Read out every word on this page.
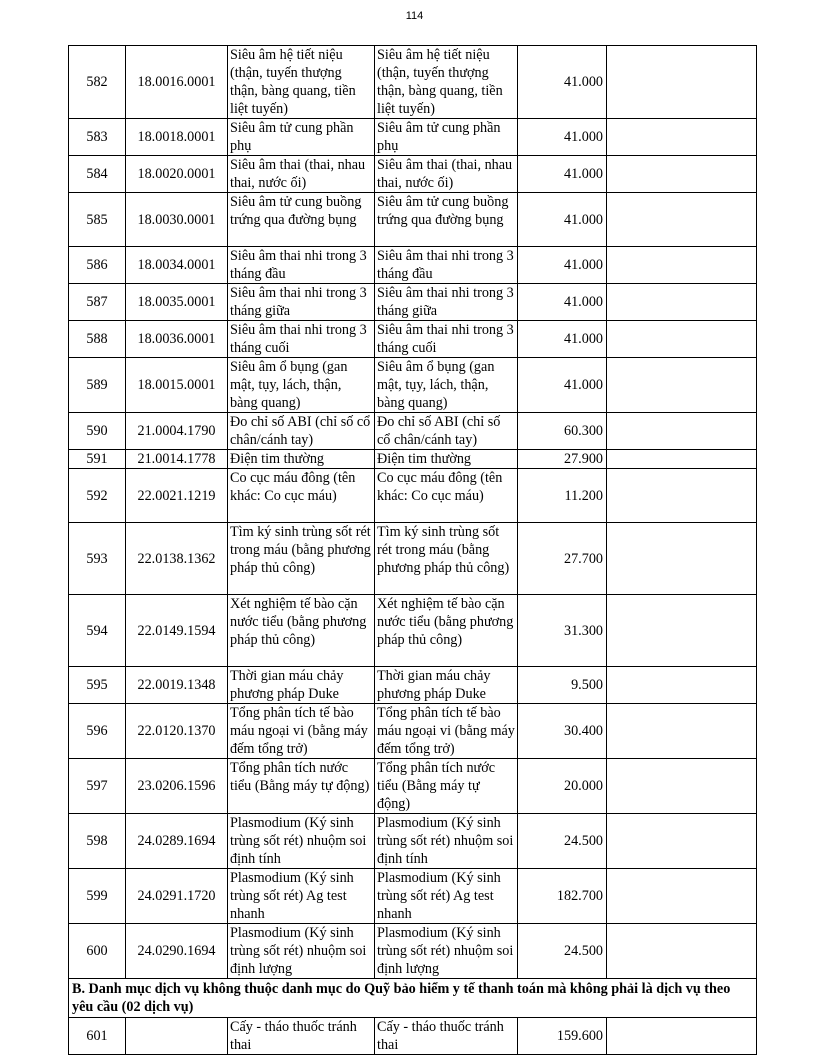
114
582	18.0016.0001	Siêu âm hệ tiết niệu (thận, tuyến thượng thận, bàng quang, tiền liệt tuyến)	Siêu âm hệ tiết niệu (thận, tuyến thượng thận, bàng quang, tiền liệt tuyến)	41.000	
583	18.0018.0001	Siêu âm tử cung phần phụ	Siêu âm tử cung phần phụ	41.000	
584	18.0020.0001	Siêu âm thai (thai, nhau thai, nước ối)	Siêu âm thai (thai, nhau thai, nước ối)	41.000	
585	18.0030.0001	Siêu âm tử cung buồng trứng qua đường bụng	Siêu âm tử cung buồng trứng qua đường bụng	41.000	
586	18.0034.0001	Siêu âm thai nhi trong 3 tháng đầu	Siêu âm thai nhi trong 3 tháng đầu	41.000	
587	18.0035.0001	Siêu âm thai nhi trong 3 tháng giữa	Siêu âm thai nhi trong 3 tháng giữa	41.000	
588	18.0036.0001	Siêu âm thai nhi trong 3 tháng cuối	Siêu âm thai nhi trong 3 tháng cuối	41.000	
589	18.0015.0001	Siêu âm ổ bụng (gan mật, tụy, lách, thận, bàng quang)	Siêu âm ổ bụng (gan mật, tụy, lách, thận, bàng quang)	41.000	
590	21.0004.1790	Đo chỉ số ABI (chỉ số cổ chân/cánh tay)	Đo chỉ số ABI (chỉ số cổ chân/cánh tay)	60.300	
591	21.0014.1778	Điện tim thường	Điện tim thường	27.900	
592	22.0021.1219	Co cục máu đông (tên khác: Co cục máu)	Co cục máu đông (tên khác: Co cục máu)	11.200	
593	22.0138.1362	Tìm ký sinh trùng sốt rét trong máu (bằng phương pháp thủ công)	Tìm ký sinh trùng sốt rét trong máu (bằng phương pháp thủ công)	27.700	
594	22.0149.1594	Xét nghiệm tế bào cặn nước tiểu (bằng phương pháp thủ công)	Xét nghiệm tế bào cặn nước tiểu (bằng phương pháp thủ công)	31.300	
595	22.0019.1348	Thời gian máu chảy phương pháp Duke	Thời gian máu chảy phương pháp Duke	9.500	
596	22.0120.1370	Tổng phân tích tế bào máu ngoại vi (bằng máy đếm tổng trở)	Tổng phân tích tế bào máu ngoại vi (bằng máy đếm tổng trở)	30.400	
597	23.0206.1596	Tổng phân tích nước tiểu (Bằng máy tự động)	Tổng phân tích nước tiểu (Bằng máy tự động)	20.000	
598	24.0289.1694	Plasmodium (Ký sinh trùng sốt rét) nhuộm soi định tính	Plasmodium (Ký sinh trùng sốt rét) nhuộm soi định tính	24.500	
599	24.0291.1720	Plasmodium (Ký sinh trùng sốt rét) Ag test nhanh	Plasmodium (Ký sinh trùng sốt rét) Ag test nhanh	182.700	
600	24.0290.1694	Plasmodium (Ký sinh trùng sốt rét) nhuộm soi định lượng	Plasmodium (Ký sinh trùng sốt rét) nhuộm soi định lượng	24.500	
B. Danh mục dịch vụ không thuộc danh mục do Quỹ bảo hiểm y tế thanh toán mà không phải là dịch vụ theo yêu cầu (02 dịch vụ)					
601		Cấy - tháo thuốc tránh thai	Cấy - tháo thuốc tránh thai	159.600	
